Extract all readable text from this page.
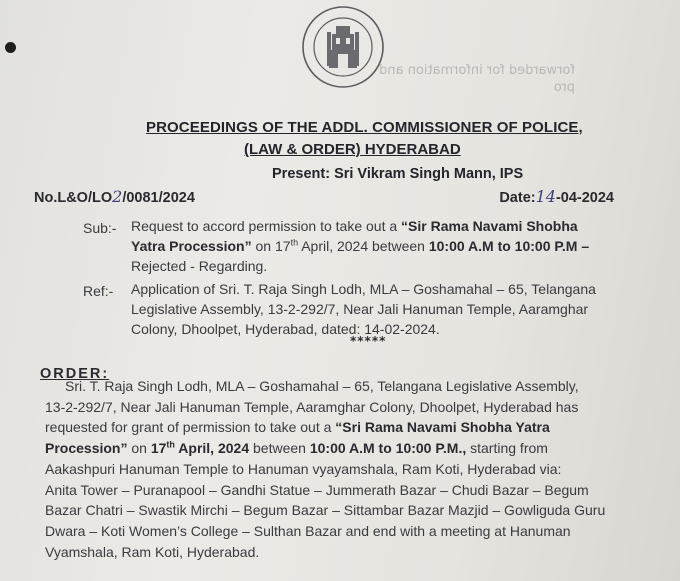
forwarded for information and
pro
PROCEEDINGS OF THE ADDL. COMMISSIONER OF POLICE,
(LAW & ORDER) HYDERABAD
Present: Sri Vikram Singh Mann, IPS
No.L&O/LO2/0081/2024	Date:14-04-2024
Sub:-	Request to accord permission to take out a “Sir Rama Navami Shobha
Yatra Procession” on 17th April, 2024 between 10:00 A.M to 10:00 P.M –
Rejected - Regarding.
Ref:-	Application of Sri. T. Raja Singh Lodh, MLA – Goshamahal – 65, Telangana
Legislative Assembly, 13-2-292/7, Near Jali Hanuman Temple, Aaramghar
Colony, Dhoolpet, Hyderabad, dated: 14-02-2024.
*****
ORDER:
Sri. T. Raja Singh Lodh, MLA – Goshamahal – 65, Telangana Legislative Assembly,
13-2-292/7, Near Jali Hanuman Temple, Aaramghar Colony, Dhoolpet, Hyderabad has
requested for grant of permission to take out a “Sri Rama Navami Shobha Yatra
Procession” on 17th April, 2024 between 10:00 A.M to 10:00 P.M., starting from
Aakashpuri Hanuman Temple to Hanuman vyayamshala, Ram Koti, Hyderabad via:
Anita Tower – Puranapool – Gandhi Statue – Jummerath Bazar – Chudi Bazar – Begum
Bazar Chatri – Swastik Mirchi – Begum Bazar – Sittambar Bazar Mazjid – Gowliguda Guru
Dwara – Koti Women’s College – Sulthan Bazar and end with a meeting at Hanuman
Vyamshala, Ram Koti, Hyderabad.
